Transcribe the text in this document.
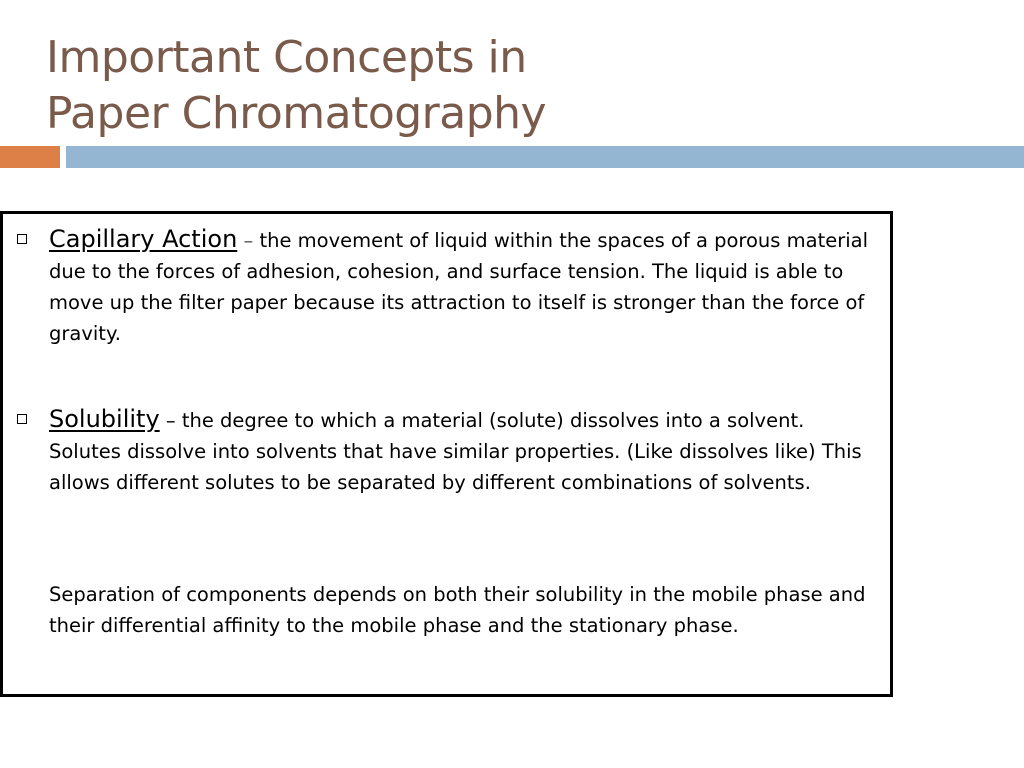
Important Concepts in
Paper Chromatography
Capillary Action – the movement of liquid within the spaces of a porous material due to the forces of adhesion, cohesion, and surface tension. The liquid is able to move up the filter paper because its attraction to itself is stronger than the force of gravity.
Solubility – the degree to which a material (solute) dissolves into a solvent. Solutes dissolve into solvents that have similar properties. (Like dissolves like) This allows different solutes to be separated by different combinations of solvents.
Separation of components depends on both their solubility in the mobile phase and their differential affinity to the mobile phase and the stationary phase.
